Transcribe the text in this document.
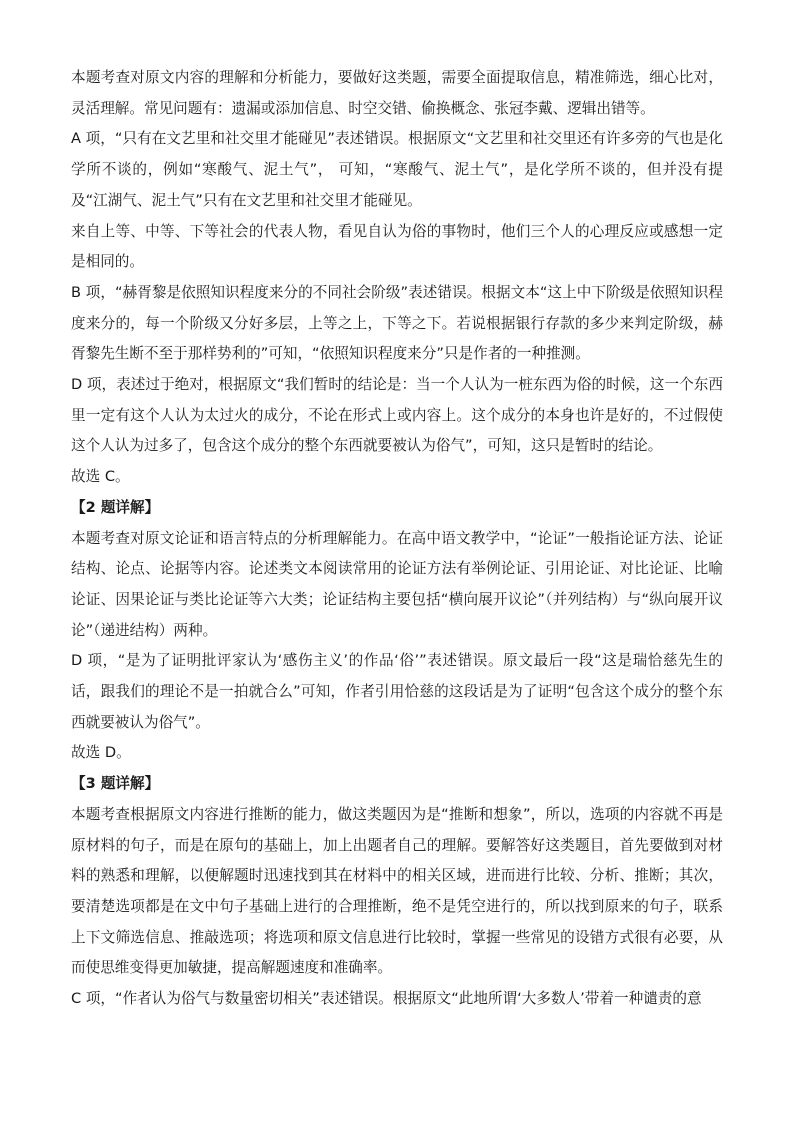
本题考查对原文内容的理解和分析能力，要做好这类题，需要全面提取信息，精准筛选，细心比对，灵活理解。常见问题有：遗漏或添加信息、时空交错、偷换概念、张冠李戴、逻辑出错等。

A 项，“只有在文艺里和社交里才能碰见”表述错误。根据原文“文艺里和社交里还有许多旁的气也是化学所不谈的，例如“寒酸气、泥土气”， 可知，“寒酸气、泥土气”，是化学所不谈的，但并没有提及“江湖气、泥土气”只有在文艺里和社交里才能碰见。

来自上等、中等、下等社会的代表人物，看见自认为俗的事物时，他们三个人的心理反应或感想一定是相同的。

B 项，“赫胥黎是依照知识程度来分的不同社会阶级”表述错误。根据文本“这上中下阶级是依照知识程度来分的，每一个阶级又分好多层，上等之上，下等之下。若说根据银行存款的多少来判定阶级，赫胥黎先生断不至于那样势利的”可知，“依照知识程度来分”只是作者的一种推测。

D 项，表述过于绝对，根据原文“我们暂时的结论是：当一个人认为一桩东西为俗的时候，这一个东西里一定有这个人认为太过火的成分，不论在形式上或内容上。这个成分的本身也许是好的，不过假使这个人认为过多了，包含这个成分的整个东西就要被认为俗气”，可知，这只是暂时的结论。

故选 C。

【2 题详解】

本题考查对原文论证和语言特点的分析理解能力。在高中语文教学中，“论证”一般指论证方法、论证结构、论点、论据等内容。论述类文本阅读常用的论证方法有举例论证、引用论证、对比论证、比喻论证、因果论证与类比论证等六大类；论证结构主要包括“横向展开议论”（并列结构）与“纵向展开议论”（递进结构）两种。

D 项，“是为了证明批评家认为‘感伤主义’的作品‘俗’”表述错误。原文最后一段“这是瑞恰慈先生的话，跟我们的理论不是一拍就合么”可知，作者引用恰慈的这段话是为了证明“包含这个成分的整个东西就要被认为俗气”。

故选 D。

【3 题详解】

本题考查根据原文内容进行推断的能力，做这类题因为是“推断和想象”，所以，选项的内容就不再是原材料的句子，而是在原句的基础上，加上出题者自己的理解。要解答好这类题目，首先要做到对材料的熟悉和理解，以便解题时迅速找到其在材料中的相关区域，进而进行比较、分析、推断；其次，要清楚选项都是在文中句子基础上进行的合理推断，绝不是凭空进行的，所以找到原来的句子，联系上下文筛选信息、推敲选项；将选项和原文信息进行比较时，掌握一些常见的设错方式很有必要，从而使思维变得更加敏捷，提高解题速度和准确率。

C 项，“作者认为俗气与数量密切相关”表述错误。根据原文“此地所谓‘大多数人’带着一种谴责的意
